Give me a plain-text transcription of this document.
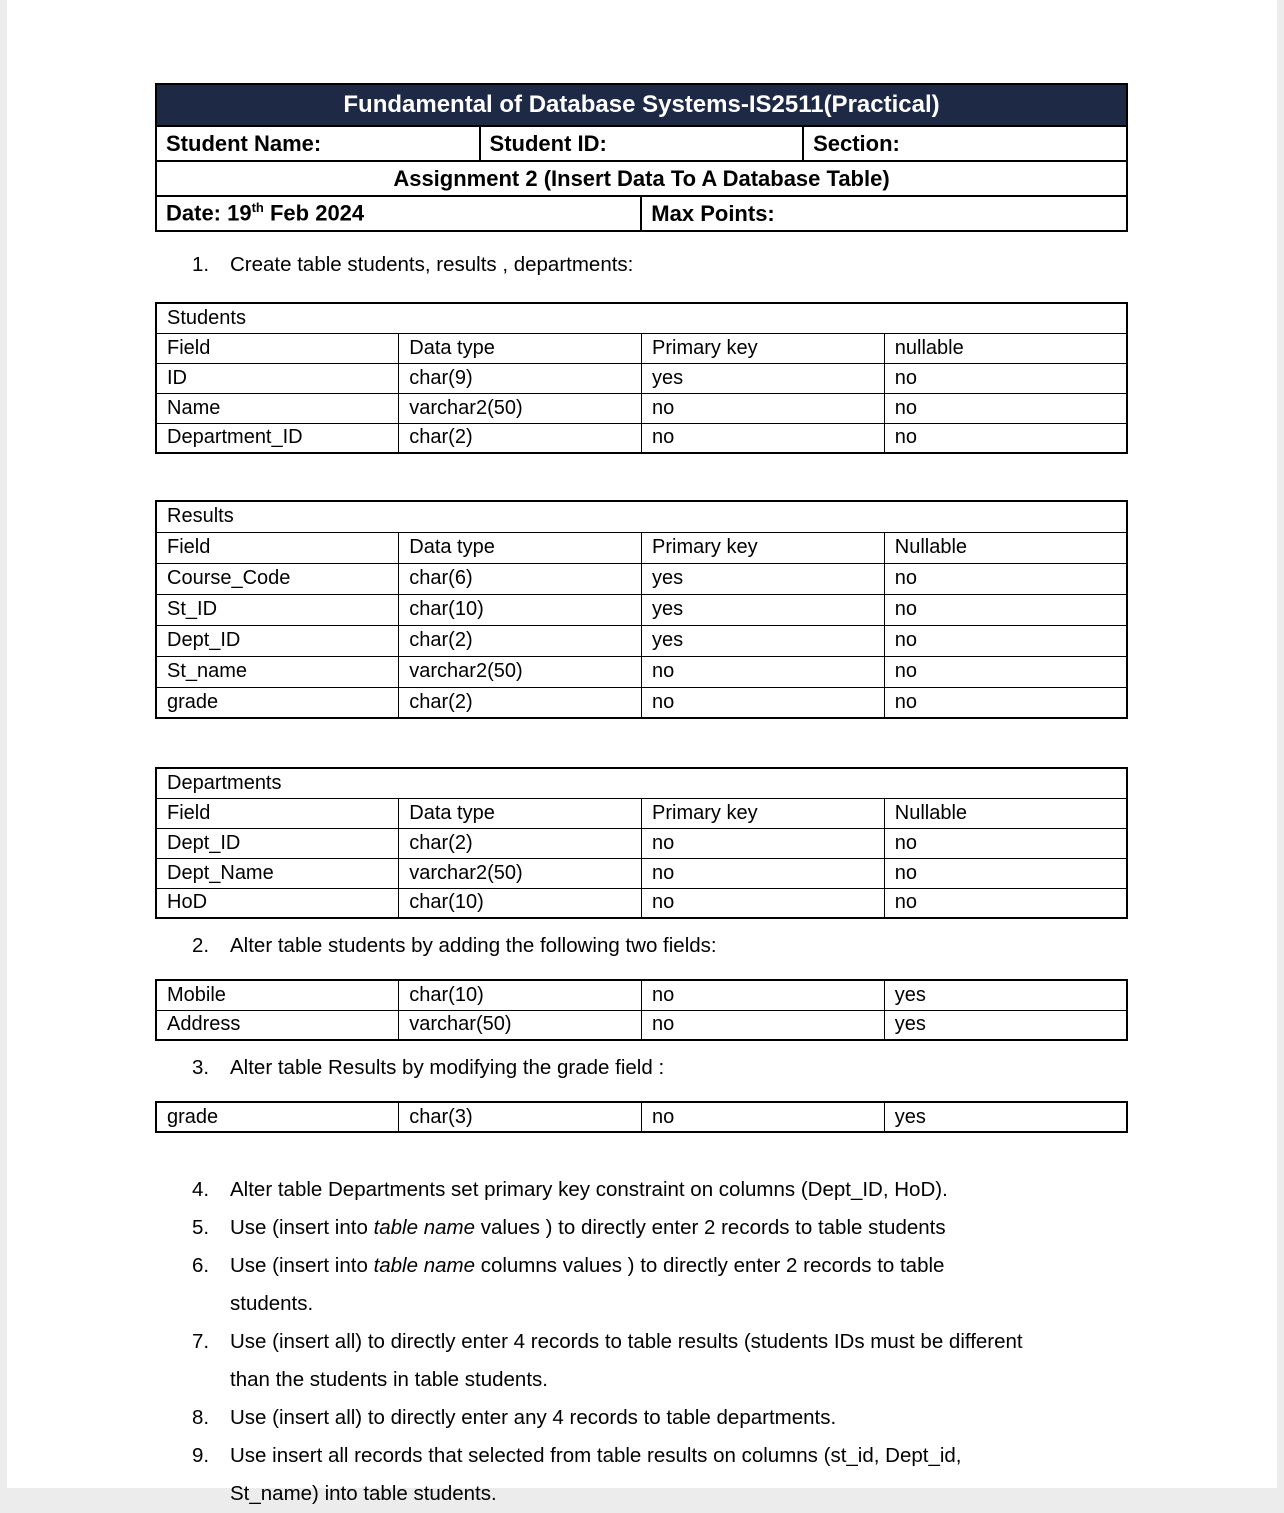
Fundamental of Database Systems-IS2511(Practical)			
Student Name:	Student ID:		Section:
Assignment 2 (Insert Data To A Database Table)			
Date: 19th Feb 2024		Max Points:	
1.	Create table students, results , departments:
Students			
Field	Data type	Primary key	nullable
ID	char(9)	yes	no
Name	varchar2(50)	no	no
Department_ID	char(2)	no	no
Results			
Field	Data type	Primary key	Nullable
Course_Code	char(6)	yes	no
St_ID	char(10)	yes	no
Dept_ID	char(2)	yes	no
St_name	varchar2(50)	no	no
grade	char(2)	no	no
Departments			
Field	Data type	Primary key	Nullable
Dept_ID	char(2)	no	no
Dept_Name	varchar2(50)	no	no
HoD	char(10)	no	no
2.	Alter table students by adding the following two fields:
Mobile	char(10)	no	yes
Address	varchar(50)	no	yes
3.	Alter table Results by modifying the grade field :
grade	char(3)	no	yes
4.	Alter table Departments set primary key constraint on columns (Dept_ID, HoD).
5.	Use (insert into table name values ) to directly enter 2 records to table students
6.	Use (insert into table name columns values ) to directly enter 2 records to table
students.
7.	Use (insert all) to directly enter 4 records to table results (students IDs must be different
than the students in table students.
8.	Use (insert all) to directly enter any 4 records to table departments.
9.	Use insert all records that selected from table results on columns (st_id, Dept_id,
St_name) into table students.
